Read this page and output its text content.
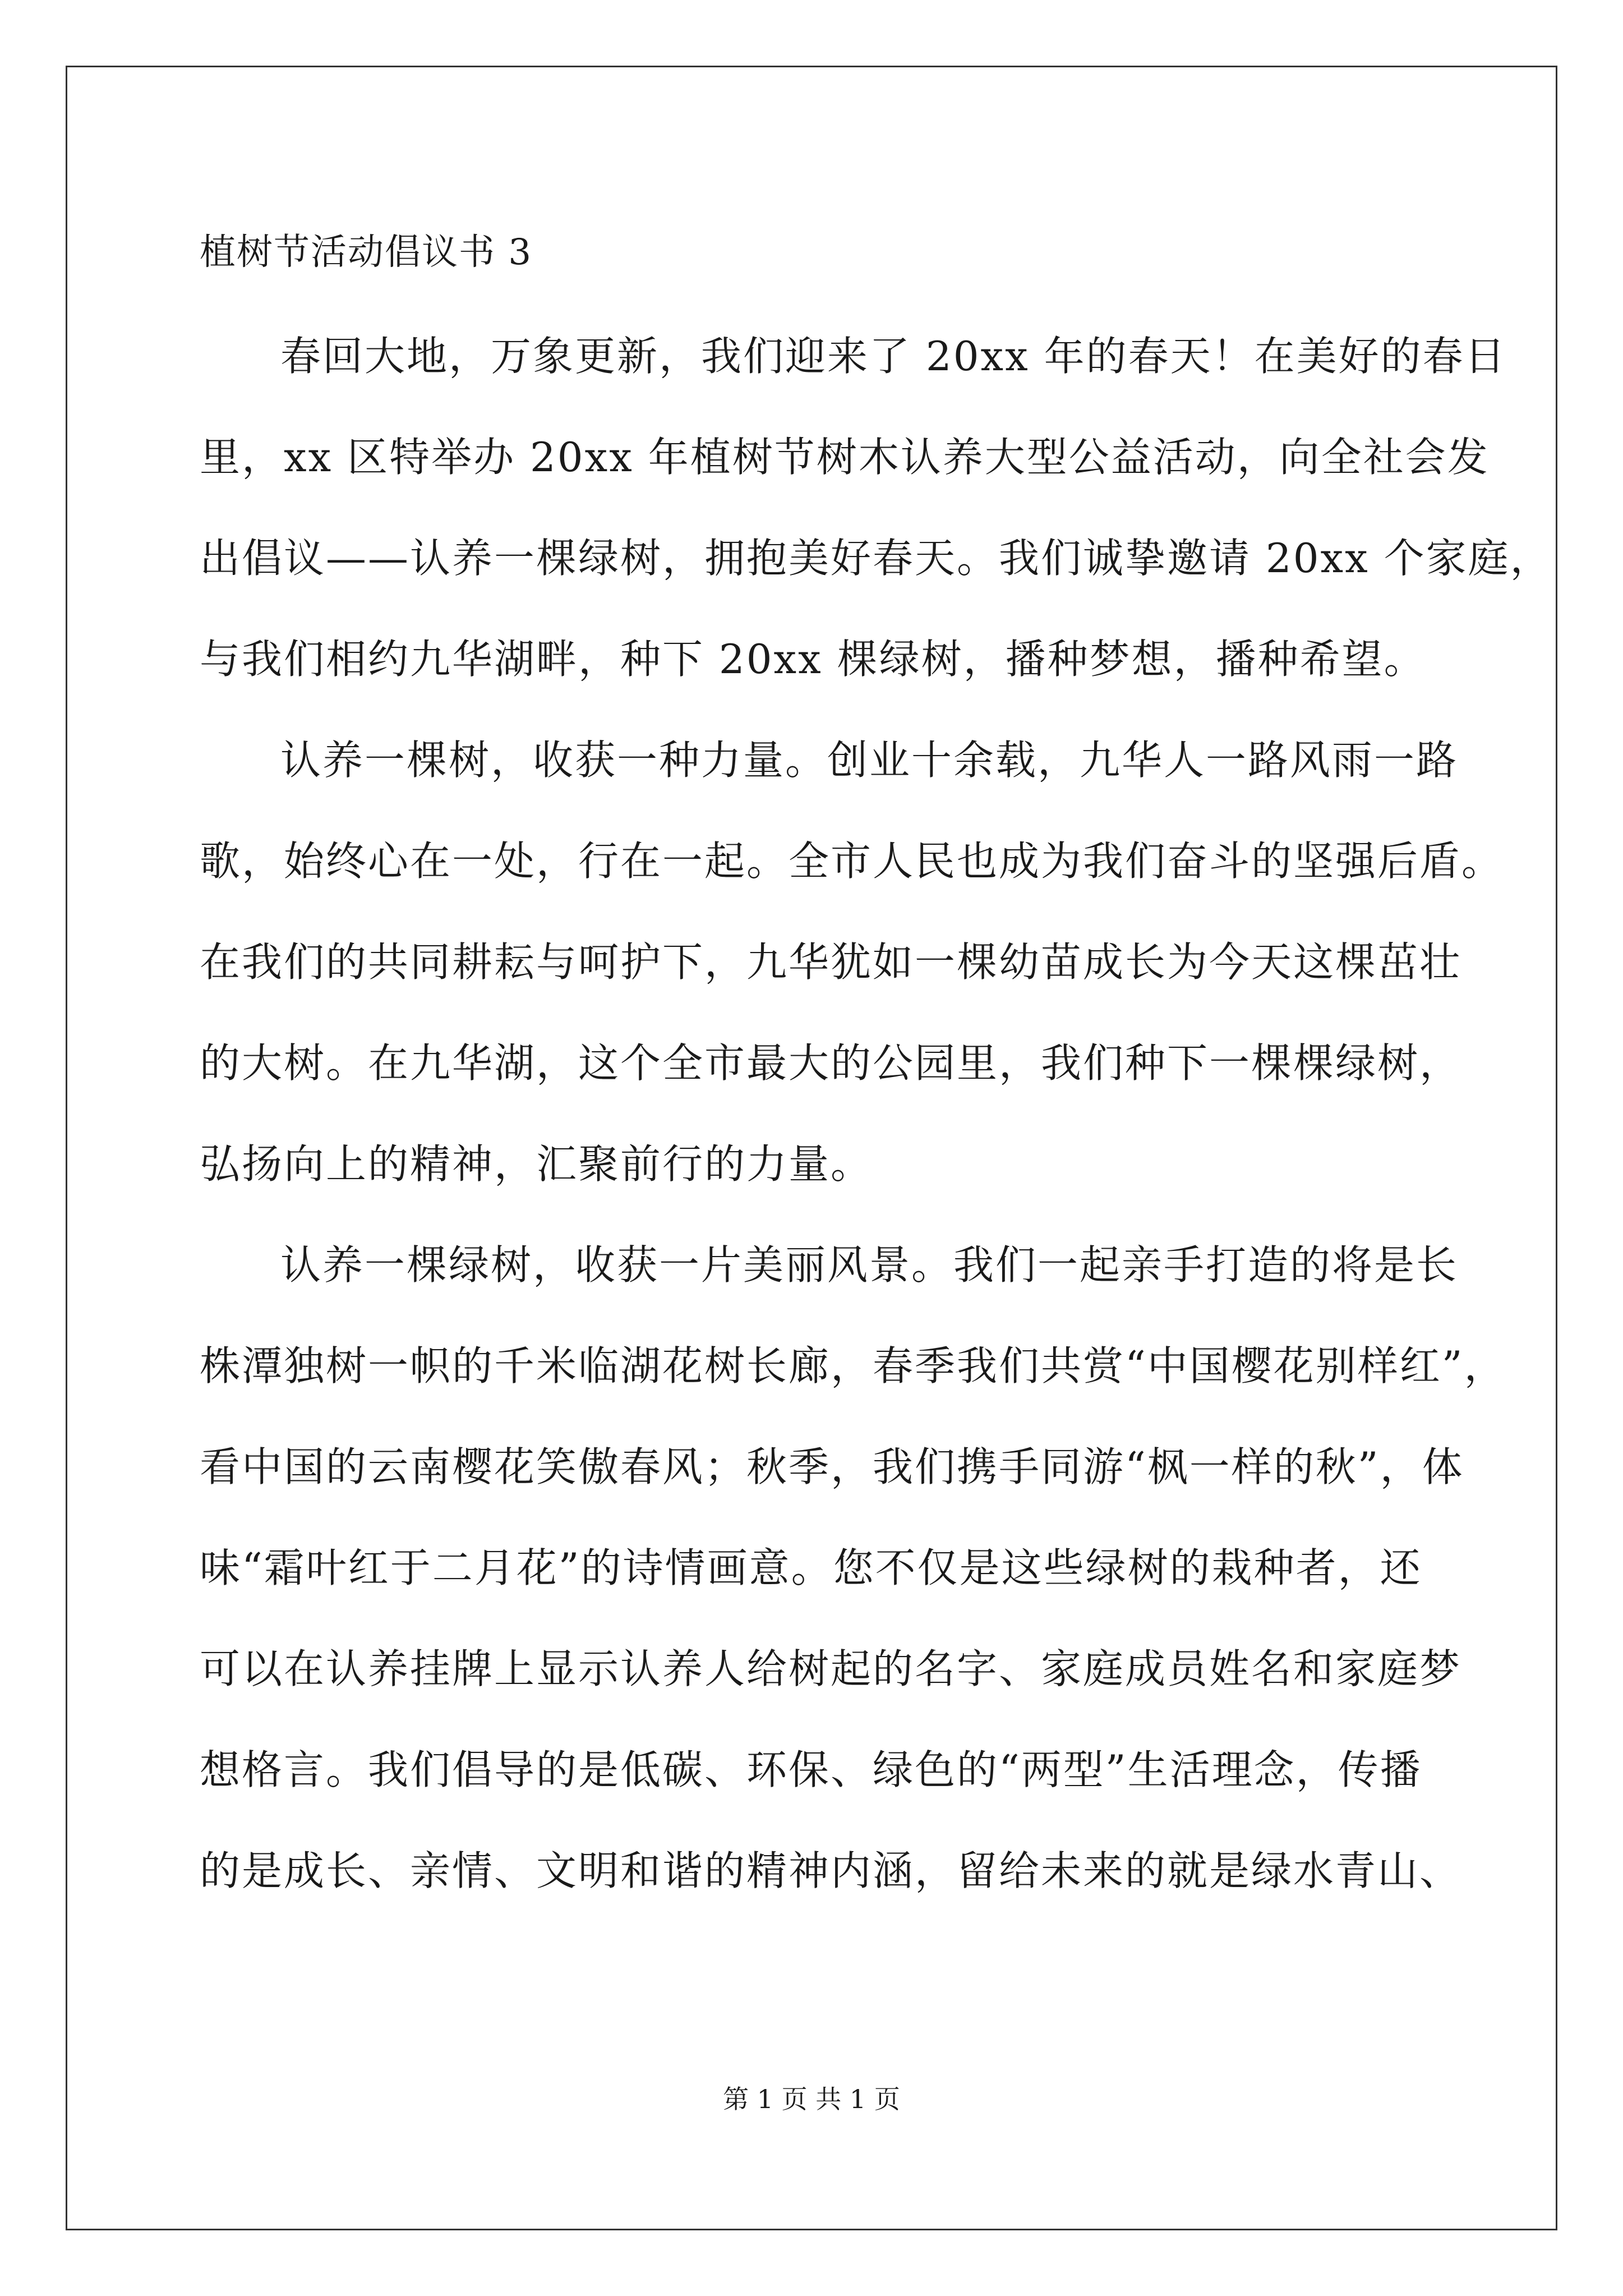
植树节活动倡议书 3
春回大地，万象更新，我们迎来了 20xx 年的春天！在美好的春日
里，xx 区特举办 20xx 年植树节树木认养大型公益活动，向全社会发
出倡议——认养一棵绿树，拥抱美好春天。我们诚挚邀请 20xx 个家庭，
与我们相约九华湖畔，种下 20xx 棵绿树，播种梦想，播种希望。
认养一棵树，收获一种力量。创业十余载，九华人一路风雨一路
歌，始终心在一处，行在一起。全市人民也成为我们奋斗的坚强后盾。
在我们的共同耕耘与呵护下，九华犹如一棵幼苗成长为今天这棵茁壮
的大树。在九华湖，这个全市最大的公园里，我们种下一棵棵绿树，
弘扬向上的精神，汇聚前行的力量。
认养一棵绿树，收获一片美丽风景。我们一起亲手打造的将是长
株潭独树一帜的千米临湖花树长廊，春季我们共赏“中国樱花别样红”，
看中国的云南樱花笑傲春风；秋季，我们携手同游“枫一样的秋”，体
味“霜叶红于二月花”的诗情画意。您不仅是这些绿树的栽种者，还
可以在认养挂牌上显示认养人给树起的名字、家庭成员姓名和家庭梦
想格言。我们倡导的是低碳、环保、绿色的“两型”生活理念，传播
的是成长、亲情、文明和谐的精神内涵，留给未来的就是绿水青山、
第 1 页 共 1 页
